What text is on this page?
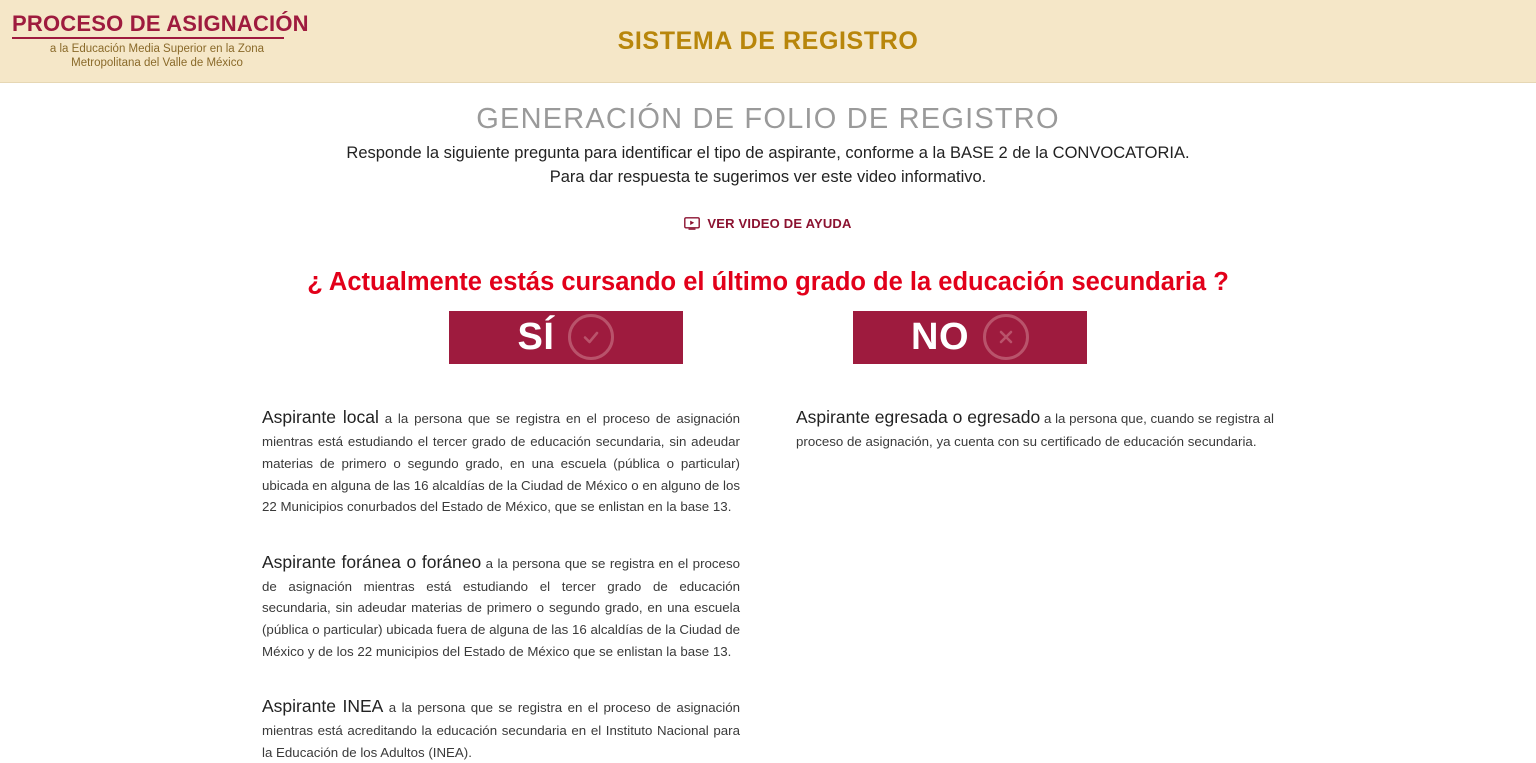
PROCESO DE ASIGNACIÓN
a la Educación Media Superior en la Zona
Metropolitana del Valle de México
SISTEMA DE REGISTRO
GENERACIÓN DE FOLIO DE REGISTRO
Responde la siguiente pregunta para identificar el tipo de aspirante, conforme a la BASE 2 de la CONVOCATORIA.
Para dar respuesta te sugerimos ver este video informativo.
VER VIDEO DE AYUDA
¿ Actualmente estás cursando el último grado de la educación secundaria ?
SÍ	NO

Aspirante local a la persona que se registra en el proceso de asignación mientras está estudiando el tercer grado de educación secundaria, sin adeudar materias de primero o segundo grado, en una escuela (pública o particular) ubicada en alguna de las 16 alcaldías de la Ciudad de México o en alguno de los 22 Municipios conurbados del Estado de México, que se enlistan en la base 13.

Aspirante foránea o foráneo a la persona que se registra en el proceso de asignación mientras está estudiando el tercer grado de educación secundaria, sin adeudar materias de primero o segundo grado, en una escuela (pública o particular) ubicada fuera de alguna de las 16 alcaldías de la Ciudad de México y de los 22 municipios del Estado de México que se enlistan la base 13.

Aspirante INEA a la persona que se registra en el proceso de asignación mientras está acreditando la educación secundaria en el Instituto Nacional para la Educación de los Adultos (INEA).

Aspirante egresada o egresado a la persona que, cuando se registra al proceso de asignación, ya cuenta con su certificado de educación secundaria.
